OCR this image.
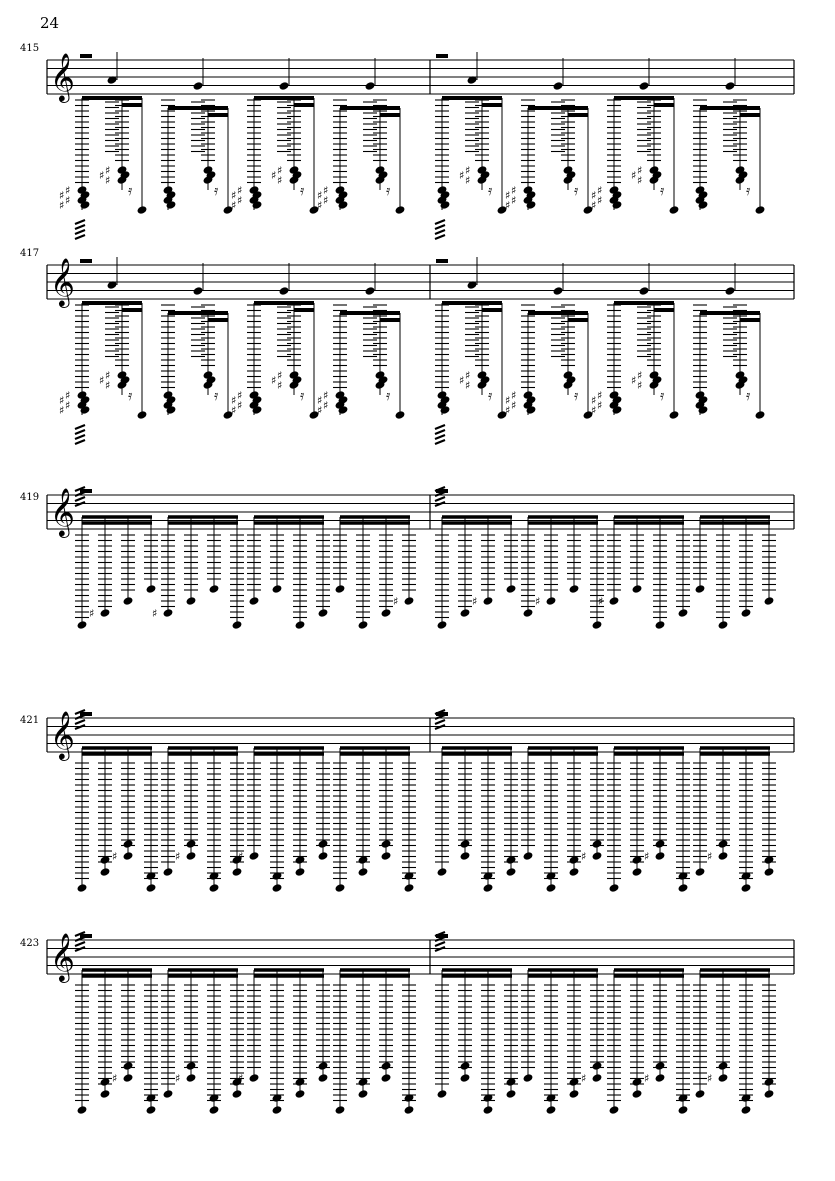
24
415
417
419
421
423
𝄞
♯
♯ ♯
♯
♯
♯ ♯
𝄿	𝄿 ♯
♯ ♯
♯
♯
♯ ♯
𝄿 ♯
♯ ♯
♯
𝄿
♯
♯ ♯
𝄿 ♯
♯ ♯
♯
𝄿 ♯
♯ ♯
♯
♯
♯ ♯
𝄿	𝄿
𝄞
♯
♯ ♯
♯
♯
♯ ♯
𝄿	𝄿 ♯
♯ ♯
♯
♯
♯ ♯
𝄿 ♯
♯ ♯
♯
𝄿
♯
♯ ♯
𝄿 ♯
♯ ♯
♯
𝄿 ♯
♯ ♯
♯
♯
♯ ♯
𝄿	𝄿
𝄞
♯	♯
♯	♯	♯	♯
𝄞
♯	♯	♯	♯	♯	♯
𝄞
♯	♯	♯	♯	♯	♯
